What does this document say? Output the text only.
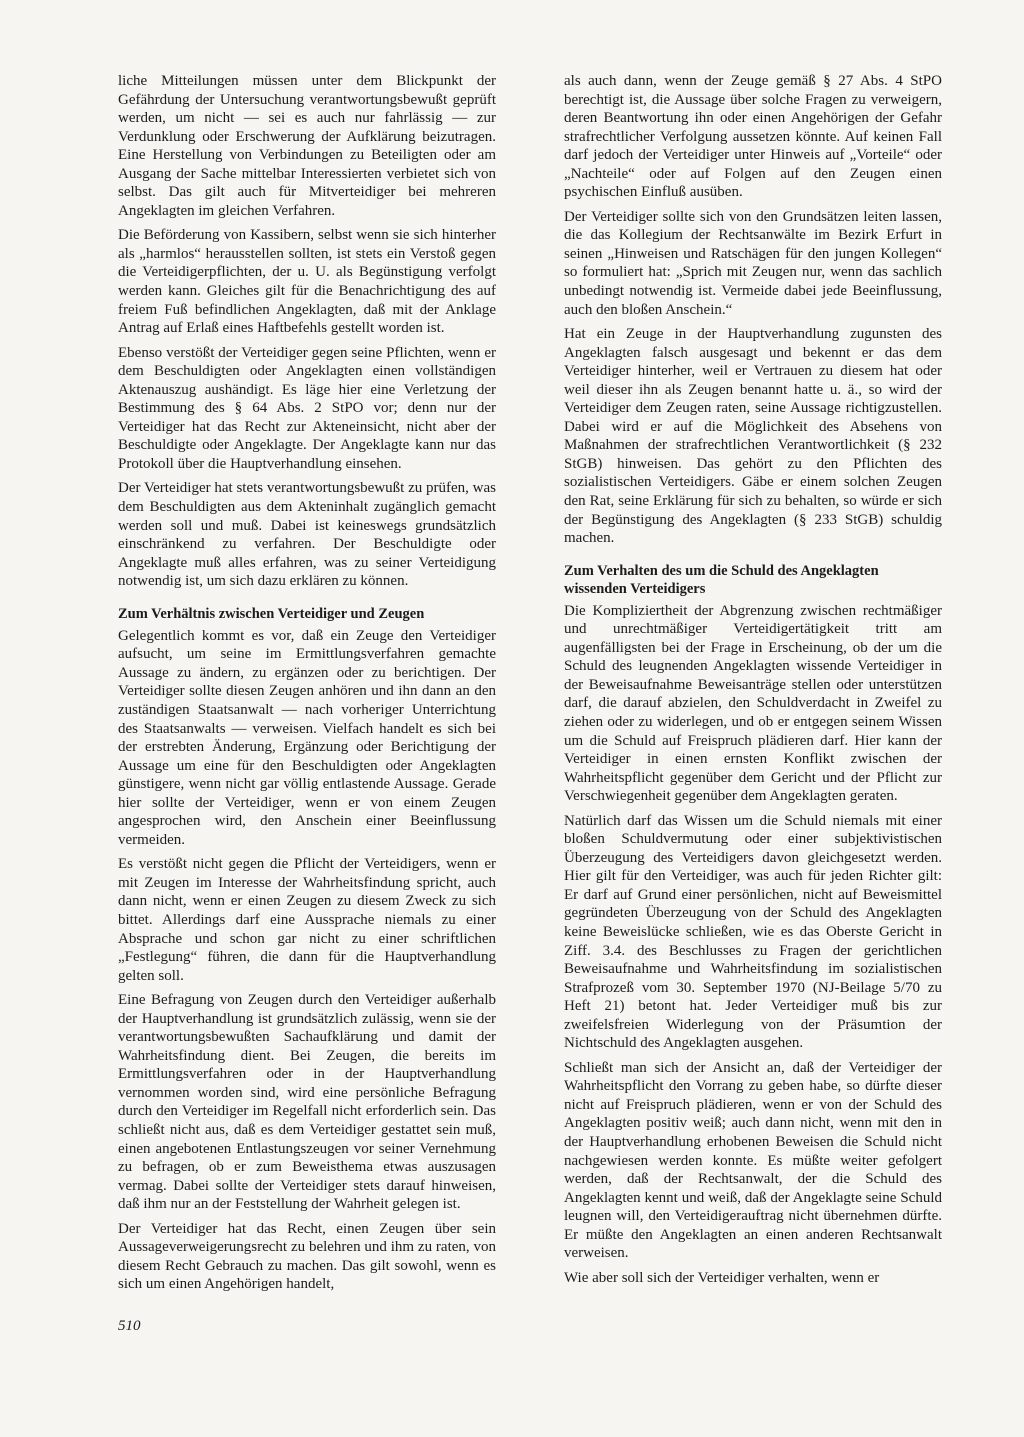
liche Mitteilungen müssen unter dem Blickpunkt der Gefährdung der Untersuchung verantwortungsbewußt geprüft werden, um nicht — sei es auch nur fahrlässig — zur Verdunklung oder Erschwerung der Aufklärung beizutragen. Eine Herstellung von Verbindungen zu Beteiligten oder am Ausgang der Sache mittelbar Interessierten verbietet sich von selbst. Das gilt auch für Mitverteidiger bei mehreren Angeklagten im gleichen Verfahren.

Die Beförderung von Kassibern, selbst wenn sie sich hinterher als „harmlos“ herausstellen sollten, ist stets ein Verstoß gegen die Verteidigerpflichten, der u. U. als Begünstigung verfolgt werden kann. Gleiches gilt für die Benachrichtigung des auf freiem Fuß befindlichen Angeklagten, daß mit der Anklage Antrag auf Erlaß eines Haftbefehls gestellt worden ist.

Ebenso verstößt der Verteidiger gegen seine Pflichten, wenn er dem Beschuldigten oder Angeklagten einen vollständigen Aktenauszug aushändigt. Es läge hier eine Verletzung der Bestimmung des § 64 Abs. 2 StPO vor; denn nur der Verteidiger hat das Recht zur Akteneinsicht, nicht aber der Beschuldigte oder Angeklagte. Der Angeklagte kann nur das Protokoll über die Hauptverhandlung einsehen.

Der Verteidiger hat stets verantwortungsbewußt zu prüfen, was dem Beschuldigten aus dem Akteninhalt zugänglich gemacht werden soll und muß. Dabei ist keineswegs grundsätzlich einschränkend zu verfahren. Der Beschuldigte oder Angeklagte muß alles erfahren, was zu seiner Verteidigung notwendig ist, um sich dazu erklären zu können.

Zum Verhältnis zwischen Verteidiger und Zeugen

Gelegentlich kommt es vor, daß ein Zeuge den Verteidiger aufsucht, um seine im Ermittlungsverfahren gemachte Aussage zu ändern, zu ergänzen oder zu berichtigen. Der Verteidiger sollte diesen Zeugen anhören und ihn dann an den zuständigen Staatsanwalt — nach vorheriger Unterrichtung des Staatsanwalts — verweisen. Vielfach handelt es sich bei der erstrebten Änderung, Ergänzung oder Berichtigung der Aussage um eine für den Beschuldigten oder Angeklagten günstigere, wenn nicht gar völlig entlastende Aussage. Gerade hier sollte der Verteidiger, wenn er von einem Zeugen angesprochen wird, den Anschein einer Beeinflussung vermeiden.

Es verstößt nicht gegen die Pflicht der Verteidigers, wenn er mit Zeugen im Interesse der Wahrheitsfindung spricht, auch dann nicht, wenn er einen Zeugen zu diesem Zweck zu sich bittet. Allerdings darf eine Aussprache niemals zu einer Absprache und schon gar nicht zu einer schriftlichen „Festlegung“ führen, die dann für die Hauptverhandlung gelten soll.

Eine Befragung von Zeugen durch den Verteidiger außerhalb der Hauptverhandlung ist grundsätzlich zulässig, wenn sie der verantwortungsbewußten Sachaufklärung und damit der Wahrheitsfindung dient. Bei Zeugen, die bereits im Ermittlungsverfahren oder in der Hauptverhandlung vernommen worden sind, wird eine persönliche Befragung durch den Verteidiger im Regelfall nicht erforderlich sein. Das schließt nicht aus, daß es dem Verteidiger gestattet sein muß, einen angebotenen Entlastungszeugen vor seiner Vernehmung zu befragen, ob er zum Beweisthema etwas auszusagen vermag. Dabei sollte der Verteidiger stets darauf hinweisen, daß ihm nur an der Feststellung der Wahrheit gelegen ist.

Der Verteidiger hat das Recht, einen Zeugen über sein Aussageverweigerungsrecht zu belehren und ihm zu raten, von diesem Recht Gebrauch zu machen. Das gilt sowohl, wenn es sich um einen Angehörigen handelt,

als auch dann, wenn der Zeuge gemäß § 27 Abs. 4 StPO berechtigt ist, die Aussage über solche Fragen zu verweigern, deren Beantwortung ihn oder einen Angehörigen der Gefahr strafrechtlicher Verfolgung aussetzen könnte. Auf keinen Fall darf jedoch der Verteidiger unter Hinweis auf „Vorteile“ oder „Nachteile“ oder auf Folgen auf den Zeugen einen psychischen Einfluß ausüben.

Der Verteidiger sollte sich von den Grundsätzen leiten lassen, die das Kollegium der Rechtsanwälte im Bezirk Erfurt in seinen „Hinweisen und Ratschägen für den jungen Kollegen“ so formuliert hat: „Sprich mit Zeugen nur, wenn das sachlich unbedingt notwendig ist. Vermeide dabei jede Beeinflussung, auch den bloßen Anschein.“

Hat ein Zeuge in der Hauptverhandlung zugunsten des Angeklagten falsch ausgesagt und bekennt er das dem Verteidiger hinterher, weil er Vertrauen zu diesem hat oder weil dieser ihn als Zeugen benannt hatte u. ä., so wird der Verteidiger dem Zeugen raten, seine Aussage richtigzustellen. Dabei wird er auf die Möglichkeit des Absehens von Maßnahmen der strafrechtlichen Verantwortlichkeit (§ 232 StGB) hinweisen. Das gehört zu den Pflichten des sozialistischen Verteidigers. Gäbe er einem solchen Zeugen den Rat, seine Erklärung für sich zu behalten, so würde er sich der Begünstigung des Angeklagten (§ 233 StGB) schuldig machen.

Zum Verhalten des um die Schuld des Angeklagten wissenden Verteidigers

Die Kompliziertheit der Abgrenzung zwischen rechtmäßiger und unrechtmäßiger Verteidigertätigkeit tritt am augenfälligsten bei der Frage in Erscheinung, ob der um die Schuld des leugnenden Angeklagten wissende Verteidiger in der Beweisaufnahme Beweisanträge stellen oder unterstützen darf, die darauf abzielen, den Schuldverdacht in Zweifel zu ziehen oder zu widerlegen, und ob er entgegen seinem Wissen um die Schuld auf Freispruch plädieren darf. Hier kann der Verteidiger in einen ernsten Konflikt zwischen der Wahrheitspflicht gegenüber dem Gericht und der Pflicht zur Verschwiegenheit gegenüber dem Angeklagten geraten.

Natürlich darf das Wissen um die Schuld niemals mit einer bloßen Schuldvermutung oder einer subjektivistischen Überzeugung des Verteidigers davon gleichgesetzt werden. Hier gilt für den Verteidiger, was auch für jeden Richter gilt: Er darf auf Grund einer persönlichen, nicht auf Beweismittel gegründeten Überzeugung von der Schuld des Angeklagten keine Beweislücke schließen, wie es das Oberste Gericht in Ziff. 3.4. des Beschlusses zu Fragen der gerichtlichen Beweisaufnahme und Wahrheitsfindung im sozialistischen Strafprozeß vom 30. September 1970 (NJ-Beilage 5/70 zu Heft 21) betont hat. Jeder Verteidiger muß bis zur zweifelsfreien Widerlegung von der Präsumtion der Nichtschuld des Angeklagten ausgehen.

Schließt man sich der Ansicht an, daß der Verteidiger der Wahrheitspflicht den Vorrang zu geben habe, so dürfte dieser nicht auf Freispruch plädieren, wenn er von der Schuld des Angeklagten positiv weiß; auch dann nicht, wenn mit den in der Hauptverhandlung erhobenen Beweisen die Schuld nicht nachgewiesen werden konnte. Es müßte weiter gefolgert werden, daß der Rechtsanwalt, der die Schuld des Angeklagten kennt und weiß, daß der Angeklagte seine Schuld leugnen will, den Verteidigerauftrag nicht übernehmen dürfte. Er müßte den Angeklagten an einen anderen Rechtsanwalt verweisen.

Wie aber soll sich der Verteidiger verhalten, wenn er

510
